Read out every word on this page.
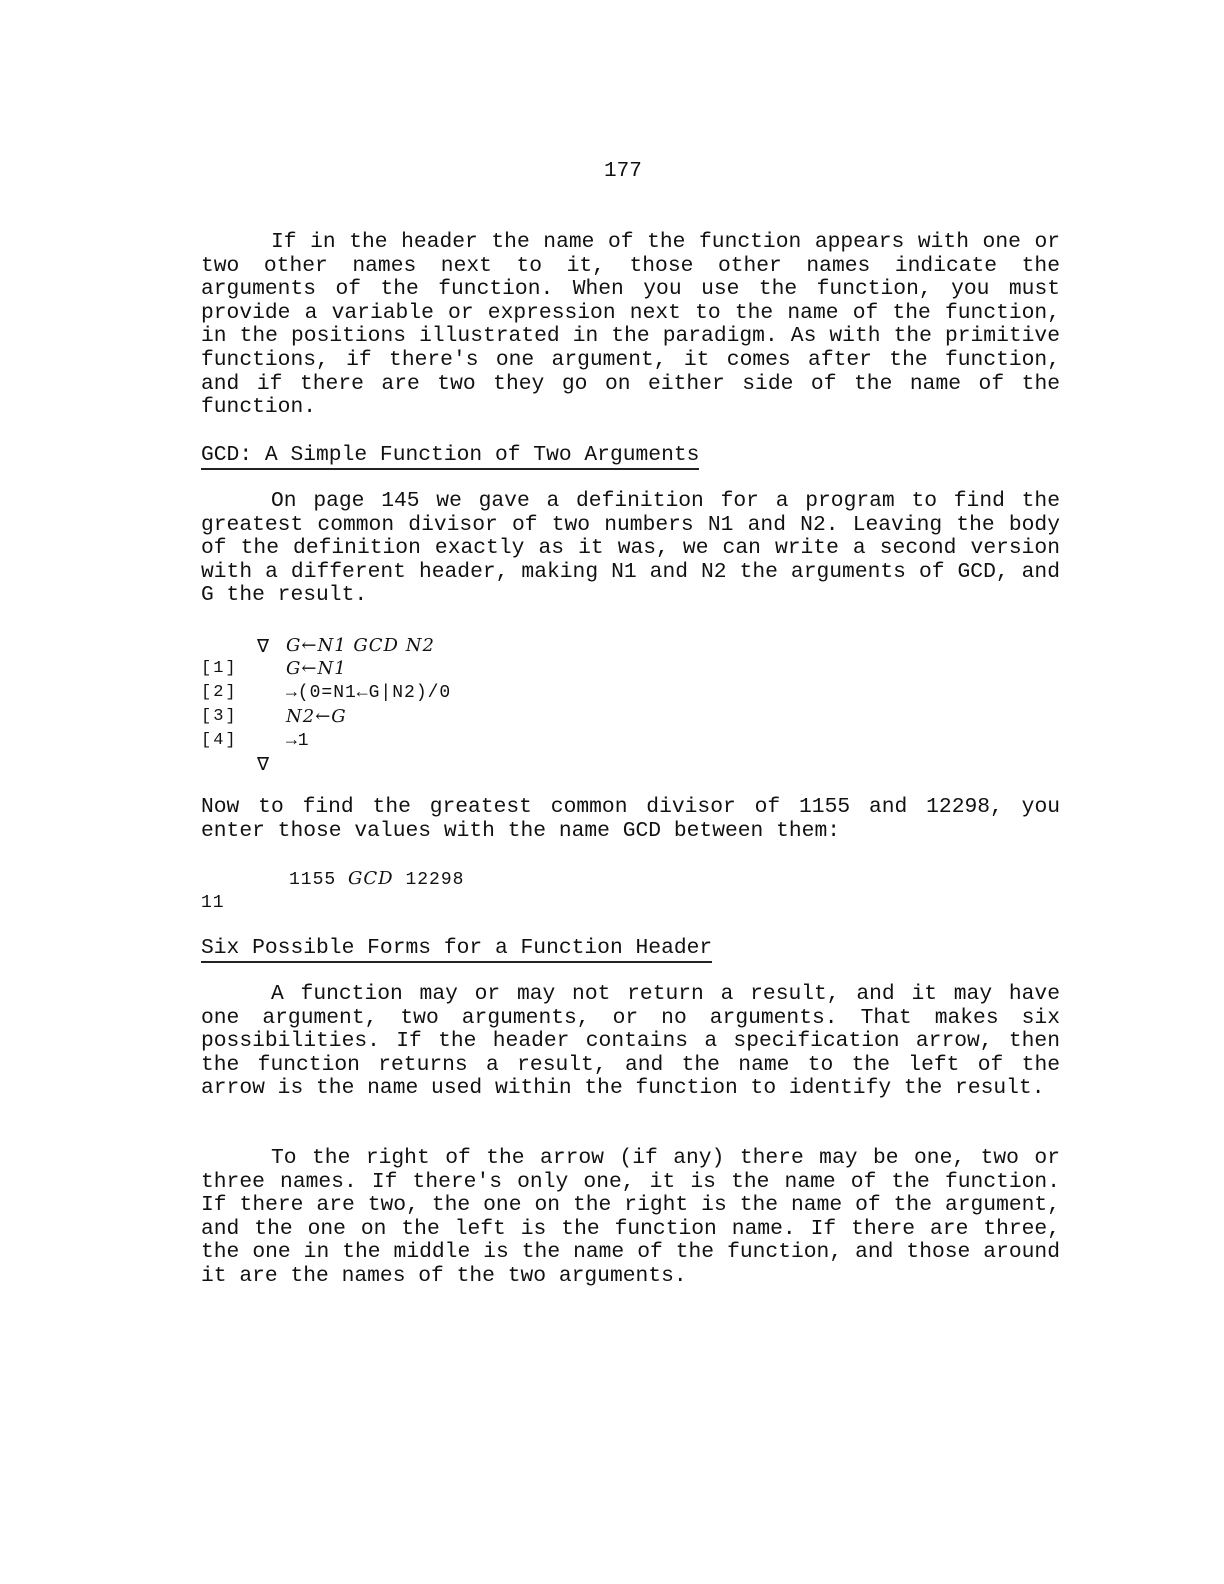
177

If in the header the name of the function appears with one or two other names next to it, those other names indicate the arguments of the function. When you use the function, you must provide a variable or expression next to the name of the function, in the positions illustrated in the paradigm. As with the primitive functions, if there's one argument, it comes after the function, and if there are two they go on either side of the name of the function.

GCD: A Simple Function of Two Arguments

On page 145 we gave a definition for a program to find the greatest common divisor of two numbers N1 and N2. Leaving the body of the definition exactly as it was, we can write a second version with a different header, making N1 and N2 the arguments of GCD, and G the result.

∇ G←N1 GCD N2
[1]	G←N1
[2]	→(0=N1←G|N2)/0
[3]	N2←G
[4]	→1
∇

Now to find the greatest common divisor of 1155 and 12298, you enter those values with the name GCD between them:

1155 GCD 12298
11
Six Possible Forms for a Function Header

A function may or may not return a result, and it may have one argument, two arguments, or no arguments. That makes six possibilities. If the header contains a specification arrow, then the function returns a result, and the name to the left of the arrow is the name used within the function to identify the result.

To the right of the arrow (if any) there may be one, two or three names. If there's only one, it is the name of the function. If there are two, the one on the right is the name of the argument, and the one on the left is the function name. If there are three, the one in the middle is the name of the function, and those around it are the names of the two arguments.
